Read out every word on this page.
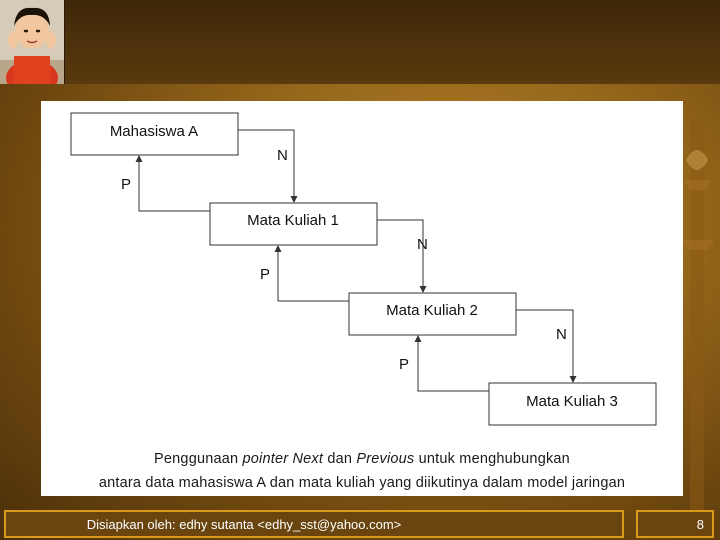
Mahasiswa A
Mata Kuliah 1
Mata Kuliah 2
Mata Kuliah 3
N
N
N
P
P
P
Penggunaan pointer Next dan Previous untuk menghubungkan
antara data mahasiswa A dan mata kuliah yang diikutinya dalam model jaringan
Disiapkan oleh: edhy sutanta <edhy_sst@yahoo.com>	8
